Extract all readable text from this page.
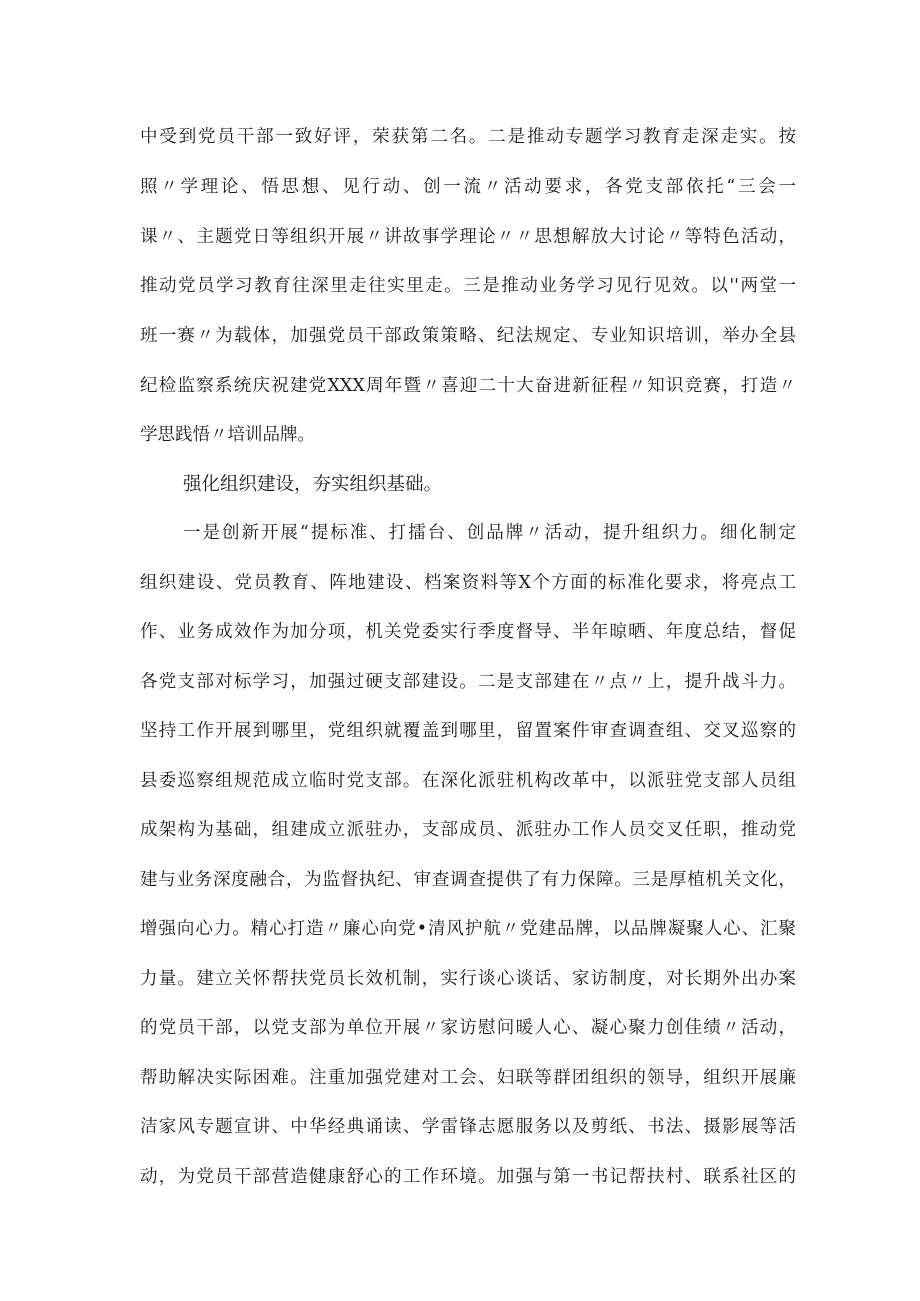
中受到党员干部一致好评，荣获第二名。二是推动专题学习教育走深走实。按

照〃学理论、悟思想、见行动、创一流〃活动要求，各党支部依托“三会一

课〃、主题党日等组织开展〃讲故事学理论〃〃思想解放大讨论〃等特色活动，

推动党员学习教育往深里走往实里走。三是推动业务学习见行见效。以''两堂一

班一赛〃为载体，加强党员干部政策策略、纪法规定、专业知识培训，举办全县

纪检监察系统庆祝建党XXX周年暨〃喜迎二十大奋进新征程〃知识竞赛，打造〃

学思践悟〃培训品牌。

强化组织建设，夯实组织基础。

一是创新开展“提标准、打擂台、创品牌〃活动，提升组织力。细化制定

组织建设、党员教育、阵地建设、档案资料等X个方面的标准化要求，将亮点工

作、业务成效作为加分项，机关党委实行季度督导、半年晾晒、年度总结，督促

各党支部对标学习，加强过硬支部建设。二是支部建在〃点〃上，提升战斗力。

坚持工作开展到哪里，党组织就覆盖到哪里，留置案件审查调查组、交叉巡察的

县委巡察组规范成立临时党支部。在深化派驻机构改革中，以派驻党支部人员组

成架构为基础，组建成立派驻办，支部成员、派驻办工作人员交叉任职，推动党

建与业务深度融合，为监督执纪、审查调查提供了有力保障。三是厚植机关文化，

增强向心力。精心打造〃廉心向党•清风护航〃党建品牌，以品牌凝聚人心、汇聚

力量。建立关怀帮扶党员长效机制，实行谈心谈话、家访制度，对长期外出办案

的党员干部，以党支部为单位开展〃家访慰问暖人心、凝心聚力创佳绩〃活动，

帮助解决实际困难。注重加强党建对工会、妇联等群团组织的领导，组织开展廉

洁家风专题宣讲、中华经典诵读、学雷锋志愿服务以及剪纸、书法、摄影展等活

动，为党员干部营造健康舒心的工作环境。加强与第一书记帮扶村、联系社区的
